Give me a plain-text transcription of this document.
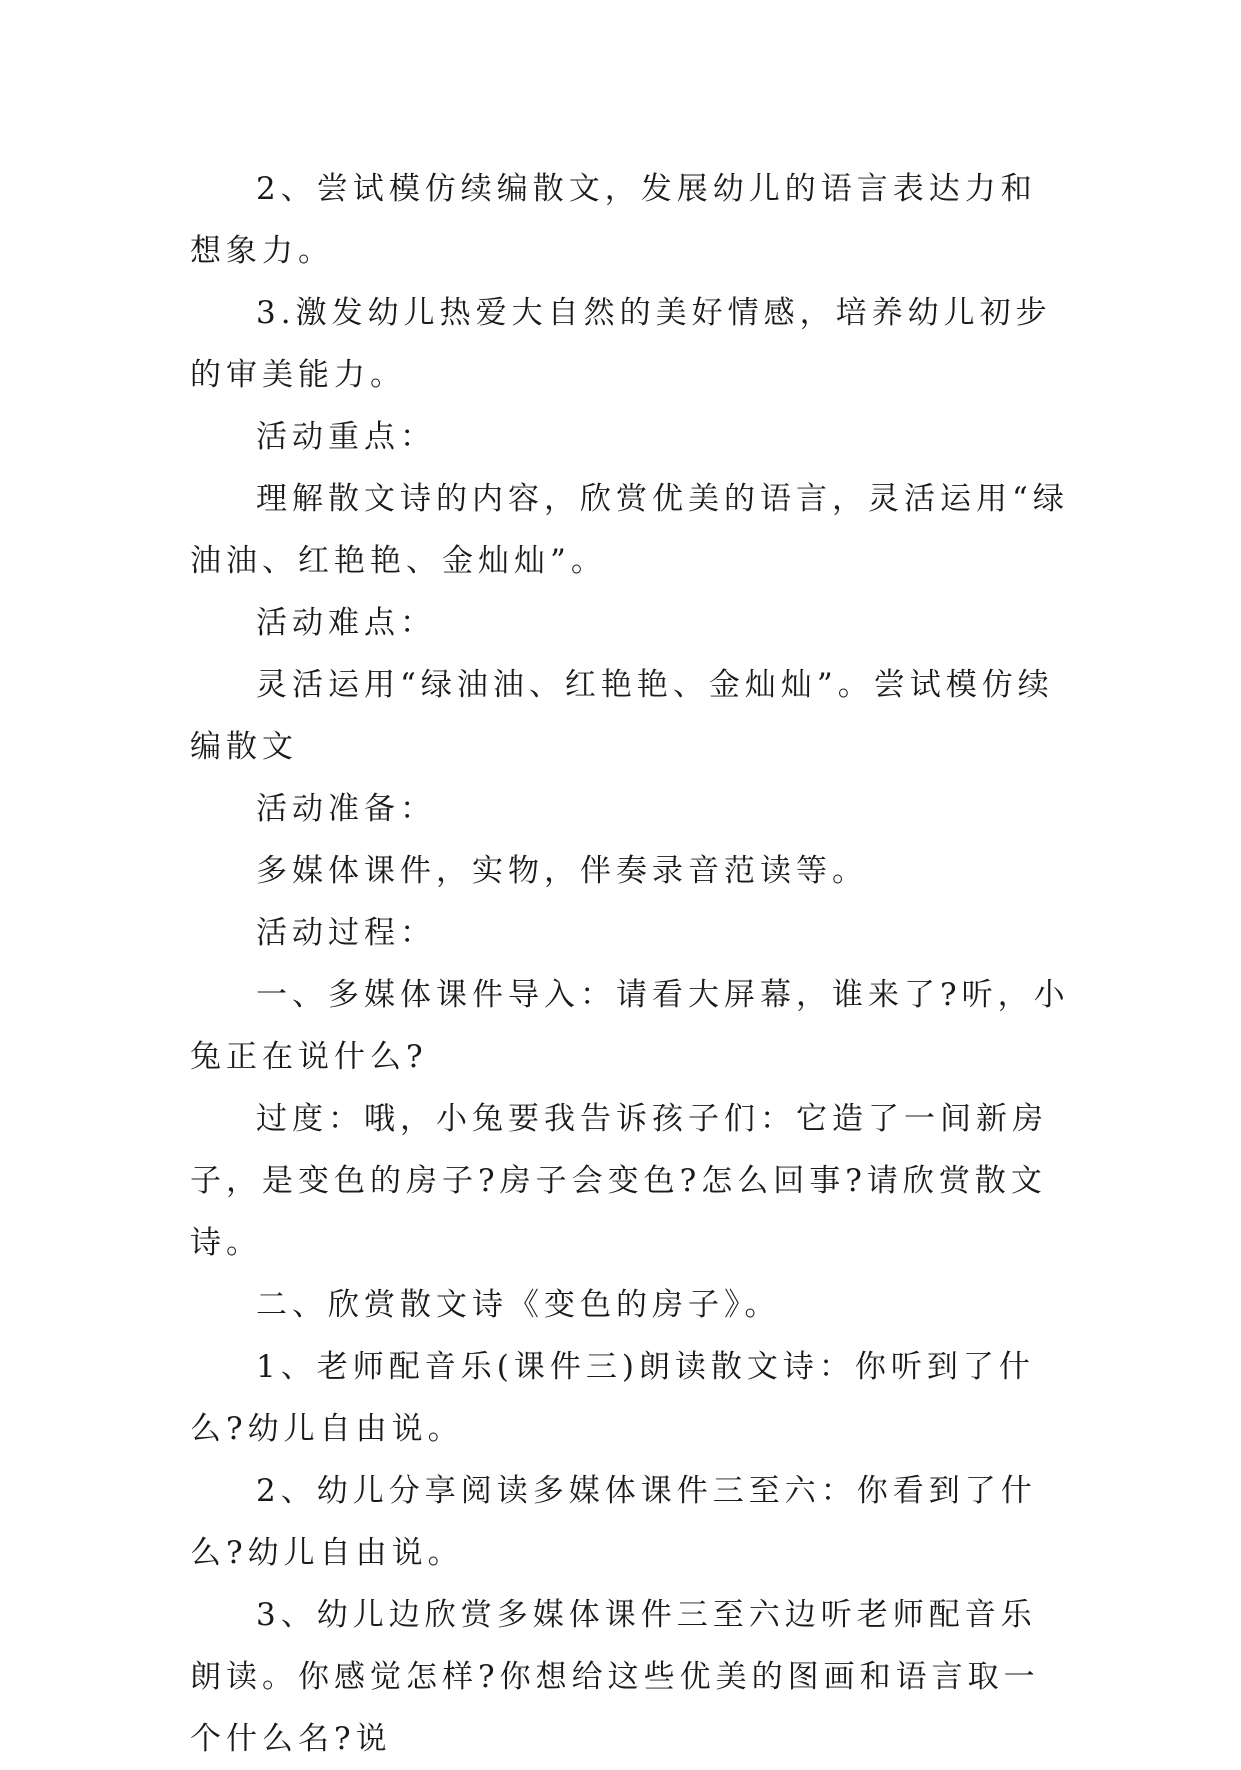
2、尝试模仿续编散文，发展幼儿的语言表达力和想象力。

3.激发幼儿热爱大自然的美好情感，培养幼儿初步的审美能力。

活动重点：

理解散文诗的内容，欣赏优美的语言，灵活运用“绿油油、红艳艳、金灿灿”。

活动难点：

灵活运用“绿油油、红艳艳、金灿灿”。尝试模仿续编散文

活动准备：

多媒体课件，实物，伴奏录音范读等。

活动过程：

一、多媒体课件导入：请看大屏幕，谁来了?听，小兔正在说什么?

过度：哦，小兔要我告诉孩子们：它造了一间新房子，是变色的房子?房子会变色?怎么回事?请欣赏散文诗。

二、欣赏散文诗《变色的房子》。

1、老师配音乐(课件三)朗读散文诗：你听到了什么?幼儿自由说。

2、幼儿分享阅读多媒体课件三至六：你看到了什么?幼儿自由说。

3、幼儿边欣赏多媒体课件三至六边听老师配音乐朗读。你感觉怎样?你想给这些优美的图画和语言取一个什么名?说
